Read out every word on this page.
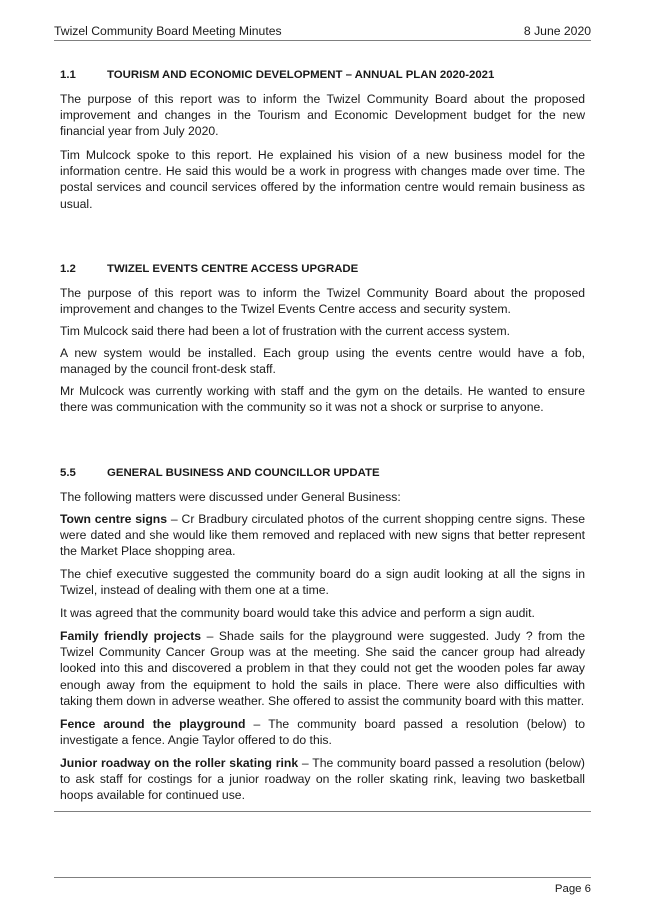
Twizel Community Board Meeting Minutes	8 June 2020
1.1	TOURISM AND ECONOMIC DEVELOPMENT – ANNUAL PLAN 2020-2021
The purpose of this report was to inform the Twizel Community Board about the proposed improvement and changes in the Tourism and Economic Development budget for the new financial year from July 2020.
Tim Mulcock spoke to this report. He explained his vision of a new business model for the information centre. He said this would be a work in progress with changes made over time. The postal services and council services offered by the information centre would remain business as usual.
1.2	TWIZEL EVENTS CENTRE ACCESS UPGRADE
The purpose of this report was to inform the Twizel Community Board about the proposed improvement and changes to the Twizel Events Centre access and security system.
Tim Mulcock said there had been a lot of frustration with the current access system.
A new system would be installed. Each group using the events centre would have a fob, managed by the council front-desk staff.
Mr Mulcock was currently working with staff and the gym on the details. He wanted to ensure there was communication with the community so it was not a shock or surprise to anyone.
5.5	GENERAL BUSINESS AND COUNCILLOR UPDATE
The following matters were discussed under General Business:
Town centre signs – Cr Bradbury circulated photos of the current shopping centre signs. These were dated and she would like them removed and replaced with new signs that better represent the Market Place shopping area.
The chief executive suggested the community board do a sign audit looking at all the signs in Twizel, instead of dealing with them one at a time.
It was agreed that the community board would take this advice and perform a sign audit.
Family friendly projects – Shade sails for the playground were suggested. Judy ? from the Twizel Community Cancer Group was at the meeting. She said the cancer group had already looked into this and discovered a problem in that they could not get the wooden poles far away enough away from the equipment to hold the sails in place. There were also difficulties with taking them down in adverse weather. She offered to assist the community board with this matter.
Fence around the playground – The community board passed a resolution (below) to investigate a fence. Angie Taylor offered to do this.
Junior roadway on the roller skating rink – The community board passed a resolution (below) to ask staff for costings for a junior roadway on the roller skating rink, leaving two basketball hoops available for continued use.
Page 6
